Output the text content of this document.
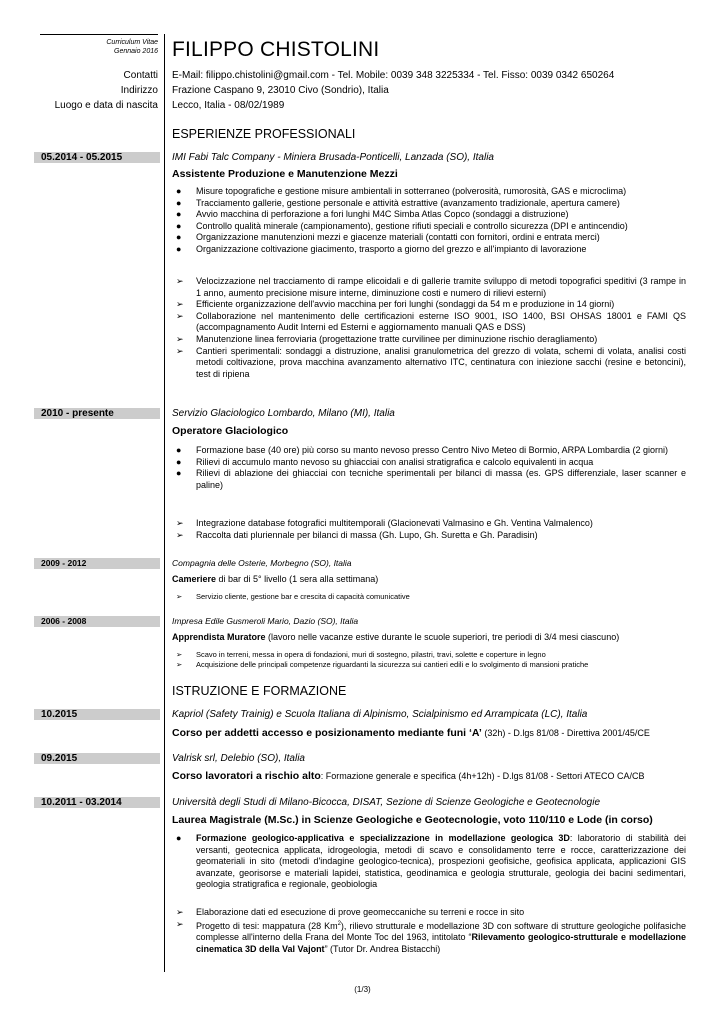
Curriculum Vitae
Gennaio 2016 FILIPPO CHISTOLINI
Contatti E-Mail: filippo.chistolini@gmail.com - Tel. Mobile: 0039 348 3225334 - Tel. Fisso: 0039 0342 650264
Indirizzo Frazione Caspano 9, 23010 Civo (Sondrio), Italia
Luogo e data di nascita Lecco, Italia - 08/02/1989
ESPERIENZE PROFESSIONALI
05.2014 - 05.2015	IMI Fabi Talc Company - Miniera Brusada-Ponticelli, Lanzada (SO), Italia
Assistente Produzione e Manutenzione Mezzi
● Misure topografiche e gestione misure ambientali in sotterraneo (polverosità, rumorosità, GAS e microclima)
● Tracciamento gallerie, gestione personale e attività estrattive (avanzamento tradizionale, apertura camere)
● Avvio macchina di perforazione a fori lunghi M4C Simba Atlas Copco (sondaggi a distruzione)
● Controllo qualità minerale (campionamento), gestione rifiuti speciali e controllo sicurezza (DPI e antincendio)
● Organizzazione manutenzioni mezzi e giacenze materiali (contatti con fornitori, ordini e entrata merci)
● Organizzazione coltivazione giacimento, trasporto a giorno del grezzo e all'impianto di lavorazione
➢ Velocizzazione nel tracciamento di rampe elicoidali e di gallerie tramite sviluppo di metodi topografici speditivi (3 rampe in 1 anno, aumento precisione misure interne, diminuzione costi e numero di rilievi esterni)
➢ Efficiente organizzazione dell'avvio macchina per fori lunghi (sondaggi da 54 m e produzione in 14 giorni)
➢ Collaborazione nel mantenimento delle certificazioni esterne ISO 9001, ISO 1400, BSI OHSAS 18001 e FAMI QS (accompagnamento Audit Interni ed Esterni e aggiornamento manuali QAS e DSS)
➢ Manutenzione linea ferroviaria (progettazione tratte curvilinee per diminuzione rischio deragliamento)
➢ Cantieri sperimentali: sondaggi a distruzione, analisi granulometrica del grezzo di volata, schemi di volata, analisi costi metodi coltivazione, prova macchina avanzamento alternativo ITC, centinatura con iniezione sacchi (resine e betoncini), test di ripiena
2010 - presente	Servizio Glaciologico Lombardo, Milano (MI), Italia
Operatore Glaciologico
● Formazione base (40 ore) più corso su manto nevoso presso Centro Nivo Meteo di Bormio, ARPA Lombardia (2 giorni)
● Rilievi di accumulo manto nevoso su ghiacciai con analisi stratigrafica e calcolo equivalenti in acqua
● Rilievi di ablazione dei ghiacciai con tecniche sperimentali per bilanci di massa (es. GPS differenziale, laser scanner e paline)
➢ Integrazione database fotografici multitemporali (Glacionevati Valmasino e Gh. Ventina Valmalenco)
➢ Raccolta dati pluriennale per bilanci di massa (Gh. Lupo, Gh. Suretta e Gh. Paradisin)
2009 - 2012	Compagnia delle Osterie, Morbegno (SO), Italia
Cameriere di bar di 5° livello (1 sera alla settimana)
➢ Servizio cliente, gestione bar e crescita di capacità comunicative
2006 - 2008	Impresa Edile Gusmeroli Mario, Dazio (SO), Italia
Apprendista Muratore (lavoro nelle vacanze estive durante le scuole superiori, tre periodi di 3/4 mesi ciascuno)
➢ Scavo in terreni, messa in opera di fondazioni, muri di sostegno, pilastri, travi, solette e coperture in legno
➢ Acquisizione delle principali competenze riguardanti la sicurezza sui cantieri edili e lo svolgimento di mansioni pratiche
ISTRUZIONE E FORMAZIONE
10.2015	Kapriol (Safety Trainig) e Scuola Italiana di Alpinismo, Scialpinismo ed Arrampicata (LC), Italia
Corso per addetti accesso e posizionamento mediante funi ‘A’ (32h) - D.lgs 81/08 - Direttiva 2001/45/CE
09.2015	Valrisk srl, Delebio (SO), Italia
Corso lavoratori a rischio alto: Formazione generale e specifica (4h+12h) - D.lgs 81/08 - Settori ATECO CA/CB
10.2011 - 03.2014	Università degli Studi di Milano-Bicocca, DISAT, Sezione di Scienze Geologiche e Geotecnologie
Laurea Magistrale (M.Sc.) in Scienze Geologiche e Geotecnologie, voto 110/110 e Lode (in corso)
● Formazione geologico-applicativa e specializzazione in modellazione geologica 3D: laboratorio di stabilità dei versanti, geotecnica applicata, idrogeologia, metodi di scavo e consolidamento terre e rocce, caratterizzazione dei geomateriali in sito (metodi d'indagine geologico-tecnica), prospezioni geofisiche, geofisica applicata, applicazioni GIS avanzate, georisorse e materiali lapidei, statistica, geodinamica e geologia strutturale, geologia dei bacini sedimentari, geologia stratigrafica e regionale, geobiologia
➢ Elaborazione dati ed esecuzione di prove geomeccaniche su terreni e rocce in sito
➢ Progetto di tesi: mappatura (28 Km$^2$), rilievo strutturale e modellazione 3D con software di strutture geologiche polifasiche complesse all'interno della Frana del Monte Toc del 1963, intitolato “Rilevamento geologico-strutturale e modellazione cinematica 3D della Val Vajont” (Tutor Dr. Andrea Bistacchi)
(1/3)
